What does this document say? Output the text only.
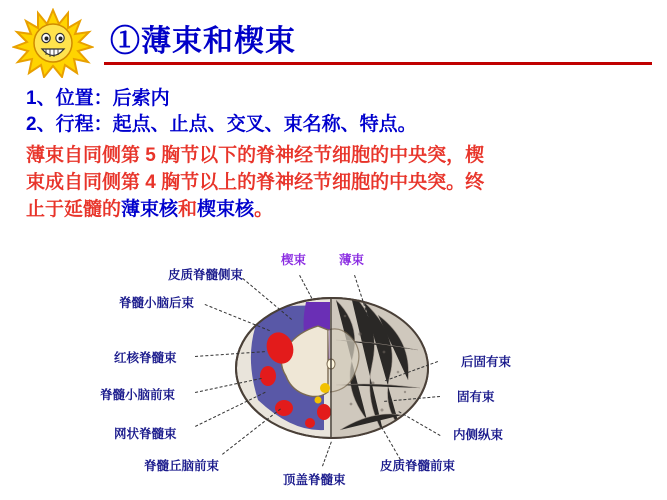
①薄束和楔束
1、位置：后索内
2、行程：起点、止点、交叉、束名称、特点。
薄束自同侧第 5 胸节以下的脊神经节细胞的中央突，楔
束成自同侧第 4 胸节以上的脊神经节细胞的中央突。终
止于延髓的薄束核和楔束核。
楔束	薄束
皮质脊髓侧束
脊髓小脑后束
红核脊髓束
脊髓小脑前束
网状脊髓束
脊髓丘脑前束
顶盖脊髓束
皮质脊髓前束
内侧纵束
固有束
后固有束
